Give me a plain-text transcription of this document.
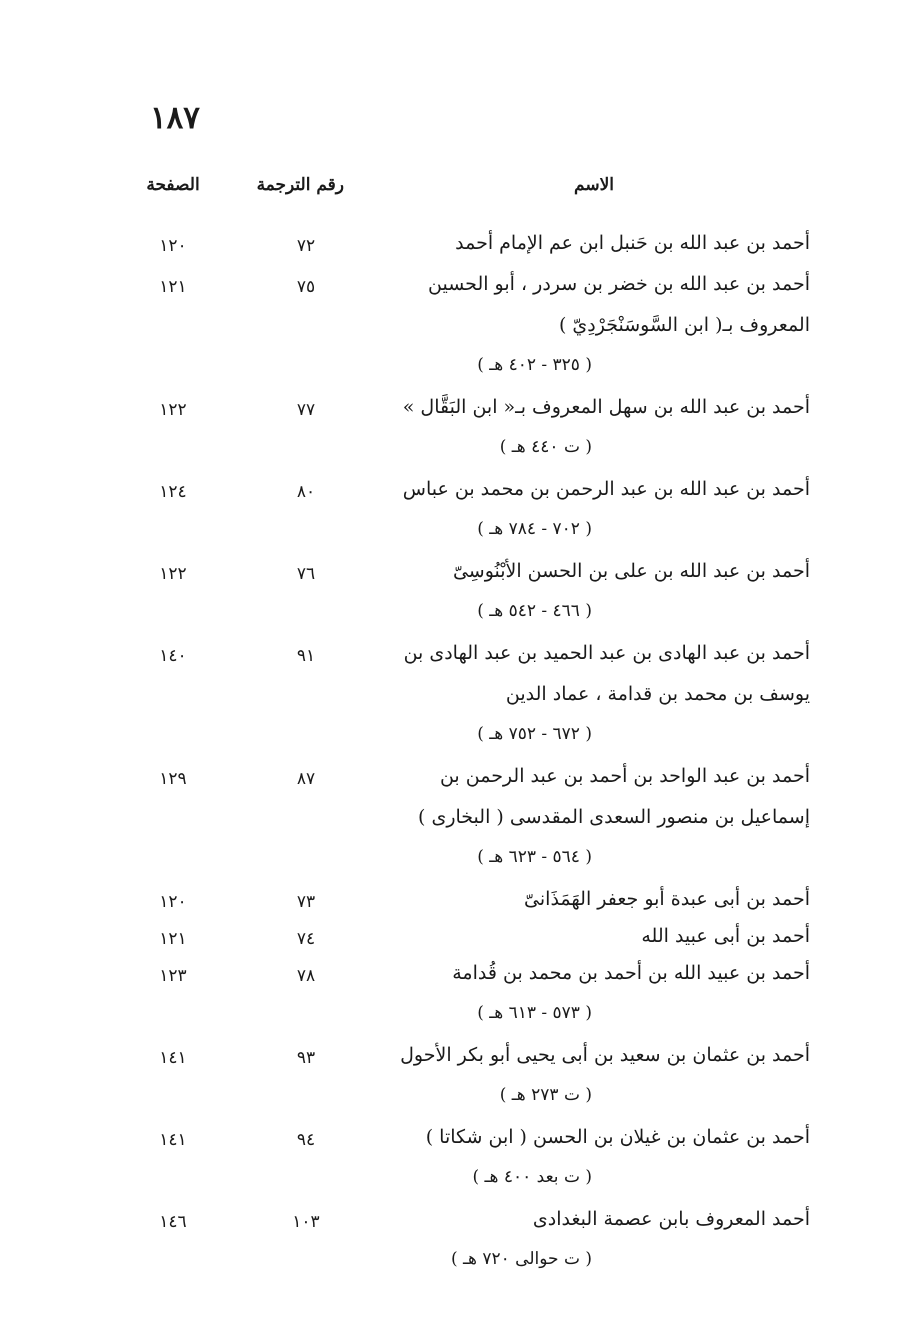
١٨٧
الاسم
رقم الترجمة
الصفحة
أحمد بن عبد الله بن حَنبل ابن عم الإمام أحمد
٧٢
١٢٠
أحمد بن عبد الله بن خضر بن سردر ، أبو الحسين
٧٥
١٢١
المعروف بـ( ابن السَّوسَنْجَرْدِيّ )
( ٣٢٥ - ٤٠٢ هـ )
أحمد بن عبد الله بن سهل المعروف بـ« ابن البَقَّال »
٧٧
١٢٢
( ت ٤٤٠ هـ )
أحمد بن عبد الله بن عبد الرحمن بن محمد بن عباس
٨٠
١٢٤
( ٧٠٢ - ٧٨٤ هـ )
أحمد بن عبد الله بن على بن الحسن الأبْنُوسِىّ
٧٦
١٢٢
( ٤٦٦ - ٥٤٢ هـ )
أحمد بن عبد الهادى بن عبد الحميد بن عبد الهادى بن
٩١
١٤٠
يوسف بن محمد بن قدامة ، عماد الدين
( ٦٧٢ - ٧٥٢ هـ )
أحمد بن عبد الواحد بن أحمد بن عبد الرحمن بن
٨٧
١٢٩
إسماعيل بن منصور السعدى المقدسى ( البخارى )
( ٥٦٤ - ٦٢٣ هـ )
أحمد بن أبى عبدة أبو جعفر الهَمَذَانىّ
٧٣
١٢٠
أحمد بن أبى عبيد الله
٧٤
١٢١
أحمد بن عبيد الله بن أحمد بن محمد بن قُدامة
٧٨
١٢٣
( ٥٧٣ - ٦١٣ هـ )
أحمد بن عثمان بن سعيد بن أبى يحيى أبو بكر الأحول
٩٣
١٤١
( ت ٢٧٣ هـ )
أحمد بن عثمان بن غيلان بن الحسن ( ابن شكاتا )
٩٤
١٤١
( ت بعد ٤٠٠ هـ )
أحمد المعروف بابن عصمة البغدادى
١٠٣
١٤٦
( ت حوالى ٧٢٠ هـ )
